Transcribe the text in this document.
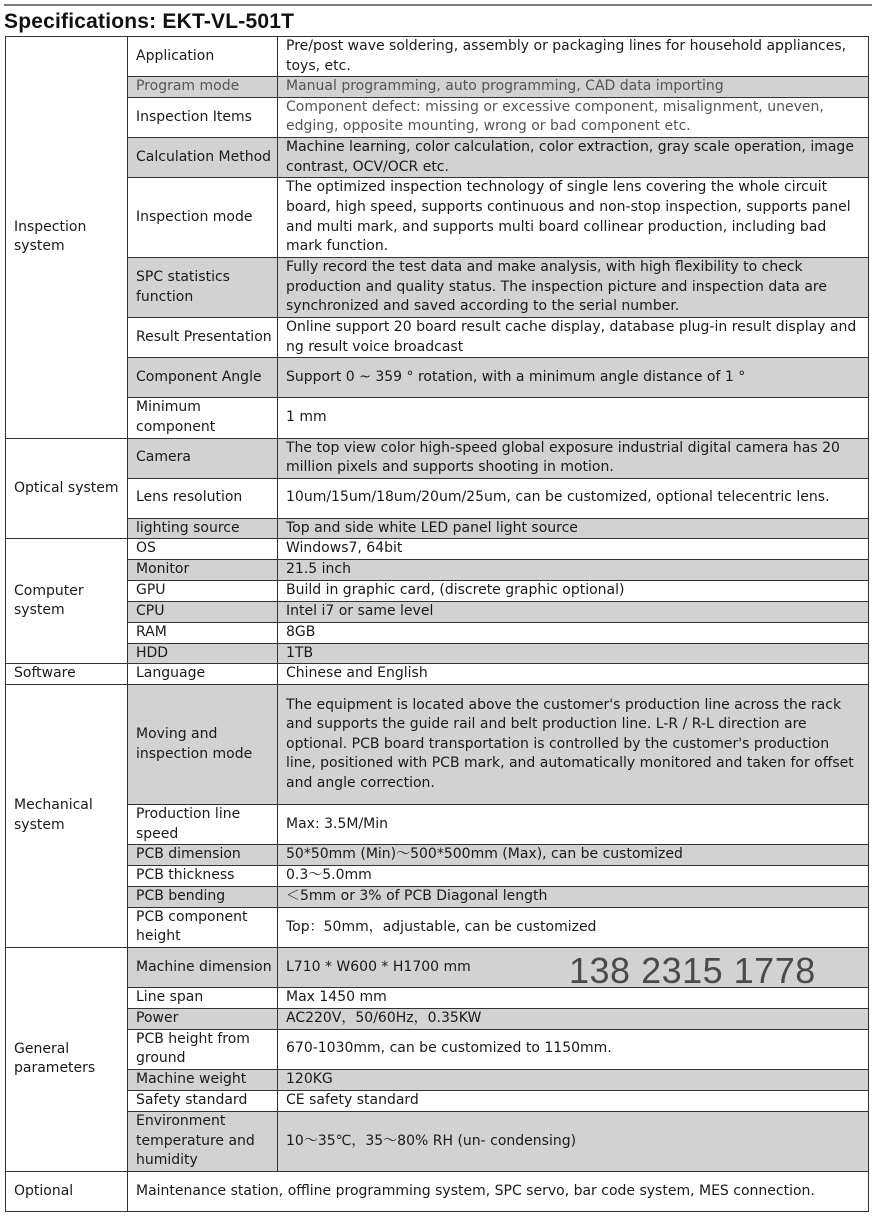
Specifications: EKT-VL-501T
Inspection system	Application	Pre/post wave soldering, assembly or packaging lines for household appliances, toys, etc.
	Program mode	Manual programming, auto programming, CAD data importing
	Inspection Items	Component defect: missing or excessive component, misalignment, uneven, edging, opposite mounting, wrong or bad component etc.
	Calculation Method	Machine learning, color calculation, color extraction, gray scale operation, image contrast, OCV/OCR etc.
	Inspection mode	The optimized inspection technology of single lens covering the whole circuit board, high speed, supports continuous and non-stop inspection, supports panel and multi mark, and supports multi board collinear production, including bad mark function.
	SPC statistics function	Fully record the test data and make analysis, with high flexibility to check production and quality status. The inspection picture and inspection data are synchronized and saved according to the serial number.
	Result Presentation	Online support 20 board result cache display, database plug-in result display and ng result voice broadcast
	Component Angle	Support 0 ~ 359 ° rotation, with a minimum angle distance of 1 °
	Minimum component	1 mm
Optical system	Camera	The top view color high-speed global exposure industrial digital camera has 20 million pixels and supports shooting in motion.
	Lens resolution	10um/15um/18um/20um/25um, can be customized, optional telecentric lens.
	lighting source	Top and side white LED panel light source
Computer system	OS	Windows7, 64bit
	Monitor	21.5 inch
	GPU	Build in graphic card, (discrete graphic optional)
	CPU	Intel i7 or same level
	RAM	8GB
	HDD	1TB
Software	Language	Chinese and English
Mechanical system	Moving and inspection mode	The equipment is located above the customer's production line across the rack and supports the guide rail and belt production line. L-R / R-L direction are optional. PCB board transportation is controlled by the customer's production line, positioned with PCB mark, and automatically monitored and taken for offset and angle correction.
	Production line speed	Max: 3.5M/Min
	PCB dimension	50*50mm (Min)～500*500mm (Max), can be customized
	PCB thickness	0.3～5.0mm
	PCB bending	＜5mm or 3% of PCB Diagonal length
	PCB component height	Top：50mm，adjustable, can be customized
General parameters	Machine dimension	L710 * W600 * H1700 mm
	Line span	Max 1450 mm
	Power	AC220V，50/60Hz，0.35KW
	PCB height from ground	670-1030mm, can be customized to 1150mm.
	Machine weight	120KG
	Safety standard	CE safety standard
	Environment temperature and humidity	10～35℃，35～80% RH (un- condensing)
Optional	Maintenance station, offline programming system, SPC servo, bar code system, MES connection.	
138 2315 1778
